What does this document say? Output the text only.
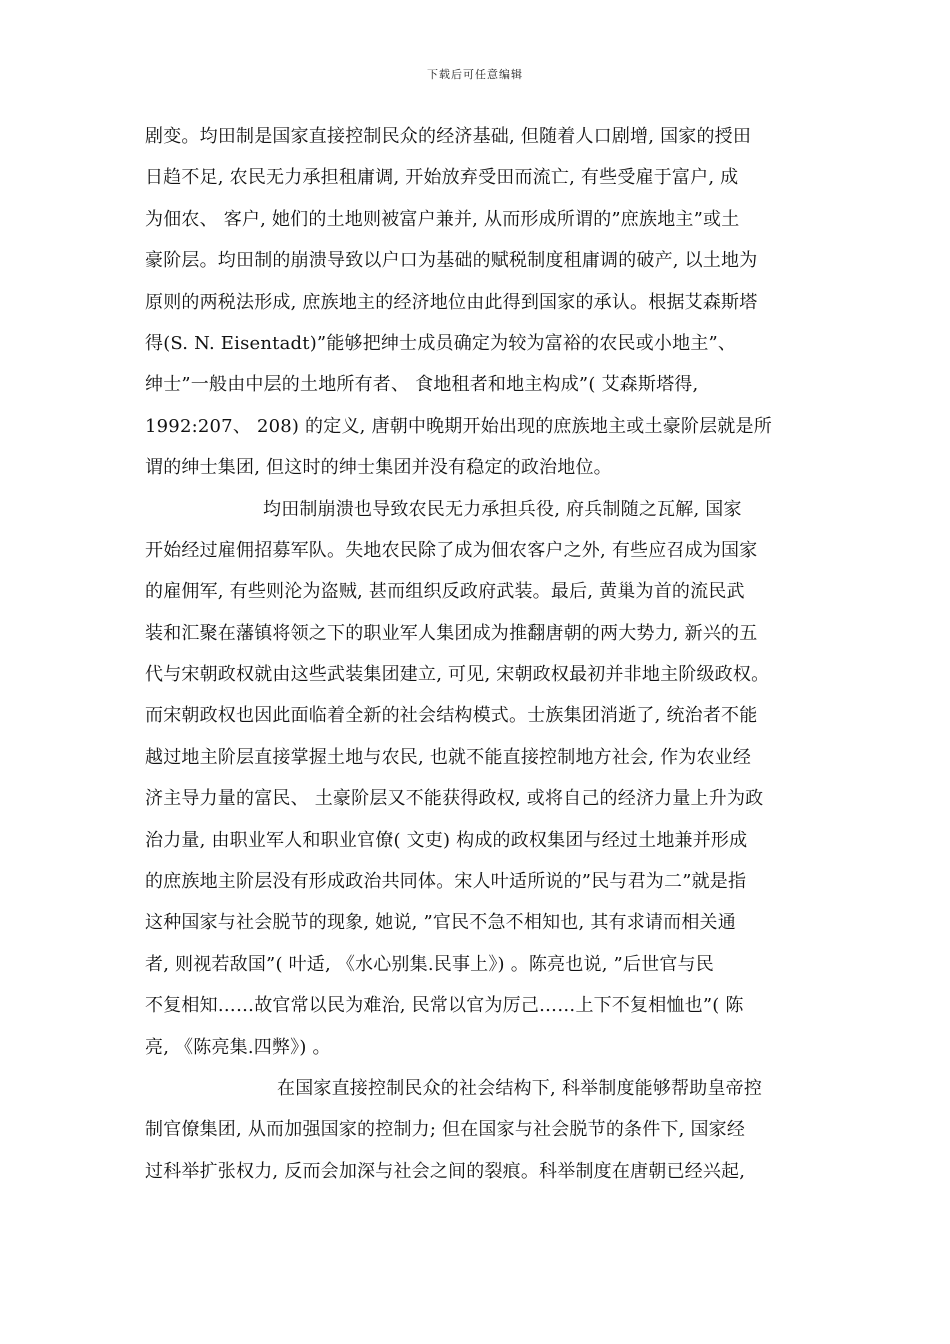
下载后可任意编辑
剧变。均田制是国家直接控制民众的经济基础, 但随着人口剧增, 国家的授田
日趋不足, 农民无力承担租庸调, 开始放弃受田而流亡, 有些受雇于富户, 成
为佃农、 客户, 她们的土地则被富户兼并, 从而形成所谓的”庶族地主”或土
豪阶层。均田制的崩溃导致以户口为基础的赋税制度租庸调的破产, 以土地为
原则的两税法形成, 庶族地主的经济地位由此得到国家的承认。根据艾森斯塔
得(S. N. Eisentadt)”能够把绅士成员确定为较为富裕的农民或小地主”、
绅士”一般由中层的土地所有者、 食地租者和地主构成”( 艾森斯塔得,
1992:207、 208) 的定义, 唐朝中晚期开始出现的庶族地主或土豪阶层就是所
谓的绅士集团, 但这时的绅士集团并没有稳定的政治地位。
均田制崩溃也导致农民无力承担兵役, 府兵制随之瓦解, 国家
开始经过雇佣招募军队。失地农民除了成为佃农客户之外, 有些应召成为国家
的雇佣军, 有些则沦为盗贼, 甚而组织反政府武装。最后, 黄巢为首的流民武
装和汇聚在藩镇将领之下的职业军人集团成为推翻唐朝的两大势力, 新兴的五
代与宋朝政权就由这些武装集团建立, 可见, 宋朝政权最初并非地主阶级政权。
而宋朝政权也因此面临着全新的社会结构模式。士族集团消逝了, 统治者不能
越过地主阶层直接掌握土地与农民, 也就不能直接控制地方社会, 作为农业经
济主导力量的富民、 土豪阶层又不能获得政权, 或将自己的经济力量上升为政
治力量, 由职业军人和职业官僚( 文吏) 构成的政权集团与经过土地兼并形成
的庶族地主阶层没有形成政治共同体。宋人叶适所说的”民与君为二”就是指
这种国家与社会脱节的现象, 她说, ”官民不急不相知也, 其有求请而相关通
者, 则视若敌国”( 叶适, 《水心别集.民事上》) 。陈亮也说, ”后世官与民
不复相知……故官常以民为难治, 民常以官为厉己……上下不复相恤也”( 陈
亮, 《陈亮集.四弊》) 。
在国家直接控制民众的社会结构下, 科举制度能够帮助皇帝控
制官僚集团, 从而加强国家的控制力; 但在国家与社会脱节的条件下, 国家经
过科举扩张权力, 反而会加深与社会之间的裂痕。科举制度在唐朝已经兴起,
